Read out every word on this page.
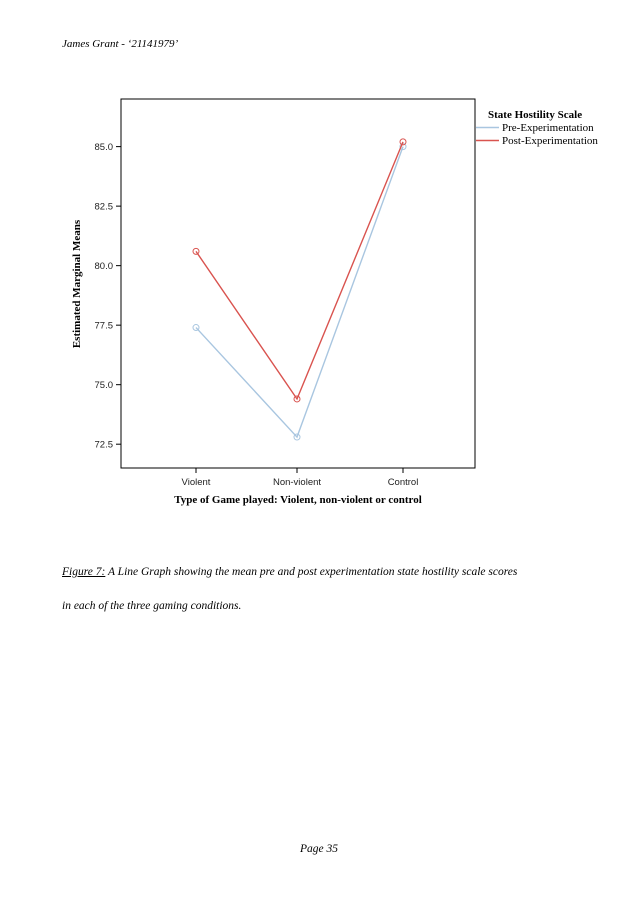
James Grant - ‘21141979’
72.5
75.0
77.5
80.0
82.5
85.0
Violent	Non-violent	Control
Estimated Marginal Means
Type of Game played: Violent, non-violent or control
State Hostility Scale
Pre-Experimentation
Post-Experimentation
Figure 7: A Line Graph showing the mean pre and post experimentation state hostility scale scores
in each of the three gaming conditions.
Page 35
